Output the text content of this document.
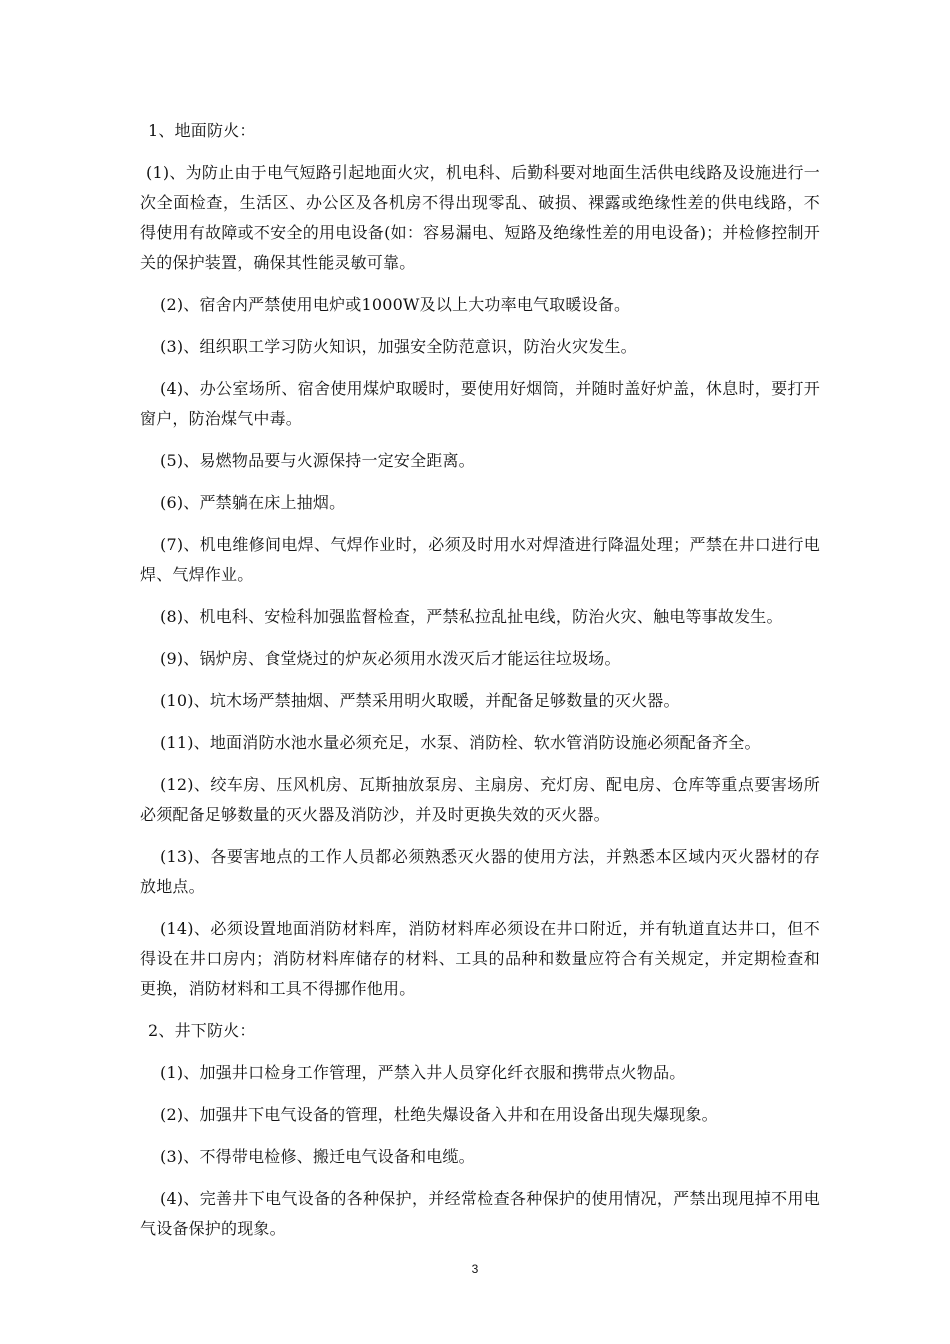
1、地面防火：

(1)、为防止由于电气短路引起地面火灾，机电科、后勤科要对地面生活供电线路及设施进行一次全面检查，生活区、办公区及各机房不得出现零乱、破损、裸露或绝缘性差的供电线路，不得使用有故障或不安全的用电设备(如：容易漏电、短路及绝缘性差的用电设备)；并检修控制开关的保护装置，确保其性能灵敏可靠。

(2)、宿舍内严禁使用电炉或1000W及以上大功率电气取暖设备。

(3)、组织职工学习防火知识，加强安全防范意识，防治火灾发生。

(4)、办公室场所、宿舍使用煤炉取暖时，要使用好烟筒，并随时盖好炉盖，休息时，要打开窗户，防治煤气中毒。

(5)、易燃物品要与火源保持一定安全距离。

(6)、严禁躺在床上抽烟。

(7)、机电维修间电焊、气焊作业时，必须及时用水对焊渣进行降温处理；严禁在井口进行电焊、气焊作业。

(8)、机电科、安检科加强监督检查，严禁私拉乱扯电线，防治火灾、触电等事故发生。

(9)、锅炉房、食堂烧过的炉灰必须用水泼灭后才能运往垃圾场。

(10)、坑木场严禁抽烟、严禁采用明火取暖，并配备足够数量的灭火器。

(11)、地面消防水池水量必须充足，水泵、消防栓、软水管消防设施必须配备齐全。

(12)、绞车房、压风机房、瓦斯抽放泵房、主扇房、充灯房、配电房、仓库等重点要害场所必须配备足够数量的灭火器及消防沙，并及时更换失效的灭火器。

(13)、各要害地点的工作人员都必须熟悉灭火器的使用方法，并熟悉本区域内灭火器材的存放地点。

(14)、必须设置地面消防材料库，消防材料库必须设在井口附近，并有轨道直达井口，但不得设在井口房内；消防材料库储存的材料、工具的品种和数量应符合有关规定，并定期检查和更换，消防材料和工具不得挪作他用。

2、井下防火：

(1)、加强井口检身工作管理，严禁入井人员穿化纤衣服和携带点火物品。

(2)、加强井下电气设备的管理，杜绝失爆设备入井和在用设备出现失爆现象。

(3)、不得带电检修、搬迁电气设备和电缆。

(4)、完善井下电气设备的各种保护，并经常检查各种保护的使用情况，严禁出现甩掉不用电气设备保护的现象。

3
